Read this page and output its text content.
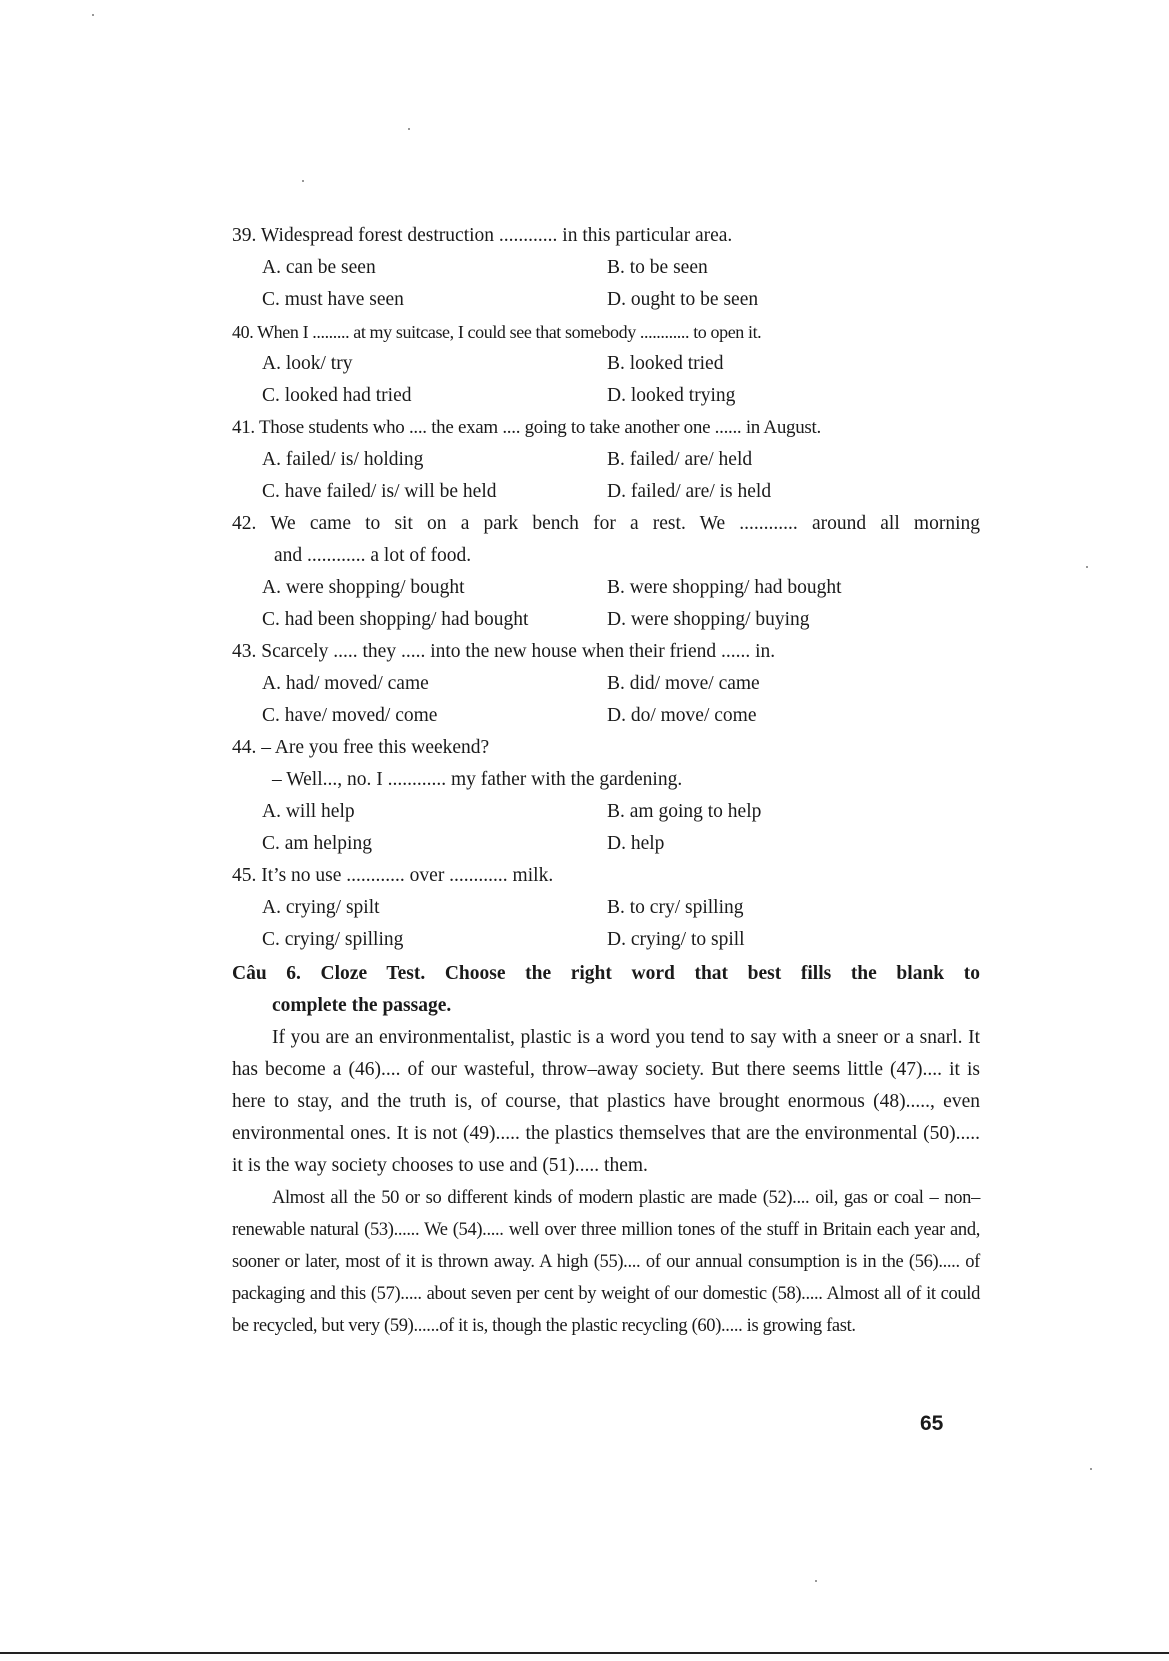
39. Widespread forest destruction ............ in this particular area.
A. can be seen	B. to be seen
C. must have seen	D. ought to be seen
40. When I ......... at my suitcase, I could see that somebody ............ to open it.
A. look/ try	B. looked tried
C. looked had tried	D. looked trying
41. Those students who .... the exam .... going to take another one ...... in August.
A. failed/ is/ holding	B. failed/ are/ held
C. have failed/ is/ will be held	D. failed/ are/ is held
42. We came to sit on a park bench for a rest. We ............ around all morning
and ............ a lot of food.
A. were shopping/ bought	B. were shopping/ had bought
C. had been shopping/ had bought	D. were shopping/ buying
43. Scarcely ..... they ..... into the new house when their friend ...... in.
A. had/ moved/ came	B. did/ move/ came
C. have/ moved/ come	D. do/ move/ come
44. – Are you free this weekend?
– Well..., no. I ............ my father with the gardening.
A. will help	B. am going to help
C. am helping	D. help
45. It’s no use ............ over ............ milk.
A. crying/ spilt	B. to cry/ spilling
C. crying/ spilling	D. crying/ to spill
Câu 6. Cloze Test. Choose the right word that best fills the blank to
complete the passage.

If you are an environmentalist, plastic is a word you tend to say with a sneer or a snarl. It has become a (46).... of our wasteful, throw–away society. But there seems little (47).... it is here to stay, and the truth is, of course, that plastics have brought enormous (48)....., even environmental ones. It is not (49)..... the plastics themselves that are the environmental (50)..... it is the way society chooses to use and (51)..... them.

Almost all the 50 or so different kinds of modern plastic are made (52).... oil, gas or coal – non–renewable natural (53)...... We (54)..... well over three million tones of the stuff in Britain each year and, sooner or later, most of it is thrown away. A high (55).... of our annual consumption is in the (56)..... of packaging and this (57)..... about seven per cent by weight of our domestic (58)..... Almost all of it could be recycled, but very (59)......of it is, though the plastic recycling (60)..... is growing fast.

65
